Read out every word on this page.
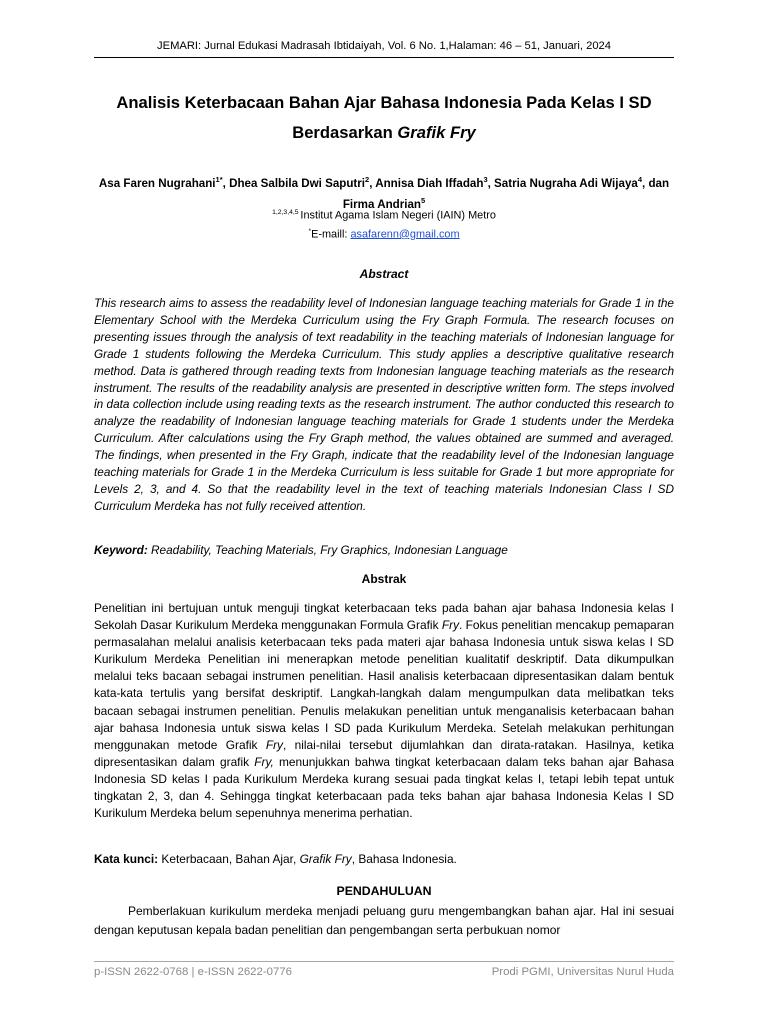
JEMARI: Jurnal Edukasi Madrasah Ibtidaiyah, Vol. 6 No. 1,Halaman: 46 – 51, Januari, 2024
Analisis Keterbacaan Bahan Ajar Bahasa Indonesia Pada Kelas I SD
Berdasarkan Grafik Fry
Asa Faren Nugrahani$^{1*}$, Dhea Salbila Dwi Saputri$^2$, Annisa Diah Iffadah$^3$, Satria Nugraha Adi Wijaya$^4$, dan Firma Andrian$^5$
$^{1,2,3,4,5}$ Institut Agama Islam Negeri (IAIN) Metro
*E-maill: asafarenn@gmail.com
Abstract
This research aims to assess the readability level of Indonesian language teaching materials for Grade 1 in the Elementary School with the Merdeka Curriculum using the Fry Graph Formula. The research focuses on presenting issues through the analysis of text readability in the teaching materials of Indonesian language for Grade 1 students following the Merdeka Curriculum. This study applies a descriptive qualitative research method. Data is gathered through reading texts from Indonesian language teaching materials as the research instrument. The results of the readability analysis are presented in descriptive written form. The steps involved in data collection include using reading texts as the research instrument. The author conducted this research to analyze the readability of Indonesian language teaching materials for Grade 1 students under the Merdeka Curriculum. After calculations using the Fry Graph method, the values obtained are summed and averaged. The findings, when presented in the Fry Graph, indicate that the readability level of the Indonesian language teaching materials for Grade 1 in the Merdeka Curriculum is less suitable for Grade 1 but more appropriate for Levels 2, 3, and 4. So that the readability level in the text of teaching materials Indonesian Class I SD Curriculum Merdeka has not fully received attention.
Keyword: Readability, Teaching Materials, Fry Graphics, Indonesian Language
Abstrak
Penelitian ini bertujuan untuk menguji tingkat keterbacaan teks pada bahan ajar bahasa Indonesia kelas I Sekolah Dasar Kurikulum Merdeka menggunakan Formula Grafik Fry. Fokus penelitian mencakup pemaparan permasalahan melalui analisis keterbacaan teks pada materi ajar bahasa Indonesia untuk siswa kelas I SD Kurikulum Merdeka Penelitian ini menerapkan metode penelitian kualitatif deskriptif. Data dikumpulkan melalui teks bacaan sebagai instrumen penelitian. Hasil analisis keterbacaan dipresentasikan dalam bentuk kata-kata tertulis yang bersifat deskriptif. Langkah-langkah dalam mengumpulkan data melibatkan teks bacaan sebagai instrumen penelitian. Penulis melakukan penelitian untuk menganalisis keterbacaan bahan ajar bahasa Indonesia untuk siswa kelas I SD pada Kurikulum Merdeka. Setelah melakukan perhitungan menggunakan metode Grafik Fry, nilai-nilai tersebut dijumlahkan dan dirata-ratakan. Hasilnya, ketika dipresentasikan dalam grafik Fry, menunjukkan bahwa tingkat keterbacaan dalam teks bahan ajar Bahasa Indonesia SD kelas I pada Kurikulum Merdeka kurang sesuai pada tingkat kelas I, tetapi lebih tepat untuk tingkatan 2, 3, dan 4. Sehingga tingkat keterbacaan pada teks bahan ajar bahasa Indonesia Kelas I SD Kurikulum Merdeka belum sepenuhnya menerima perhatian.
Kata kunci: Keterbacaan, Bahan Ajar, Grafik Fry, Bahasa Indonesia.
PENDAHULUAN
Pemberlakuan kurikulum merdeka menjadi peluang guru mengembangkan bahan ajar. Hal ini sesuai dengan keputusan kepala badan penelitian dan pengembangan serta perbukuan nomor
p-ISSN 2622-0768 | e-ISSN 2622-0776	Prodi PGMI, Universitas Nurul Huda
